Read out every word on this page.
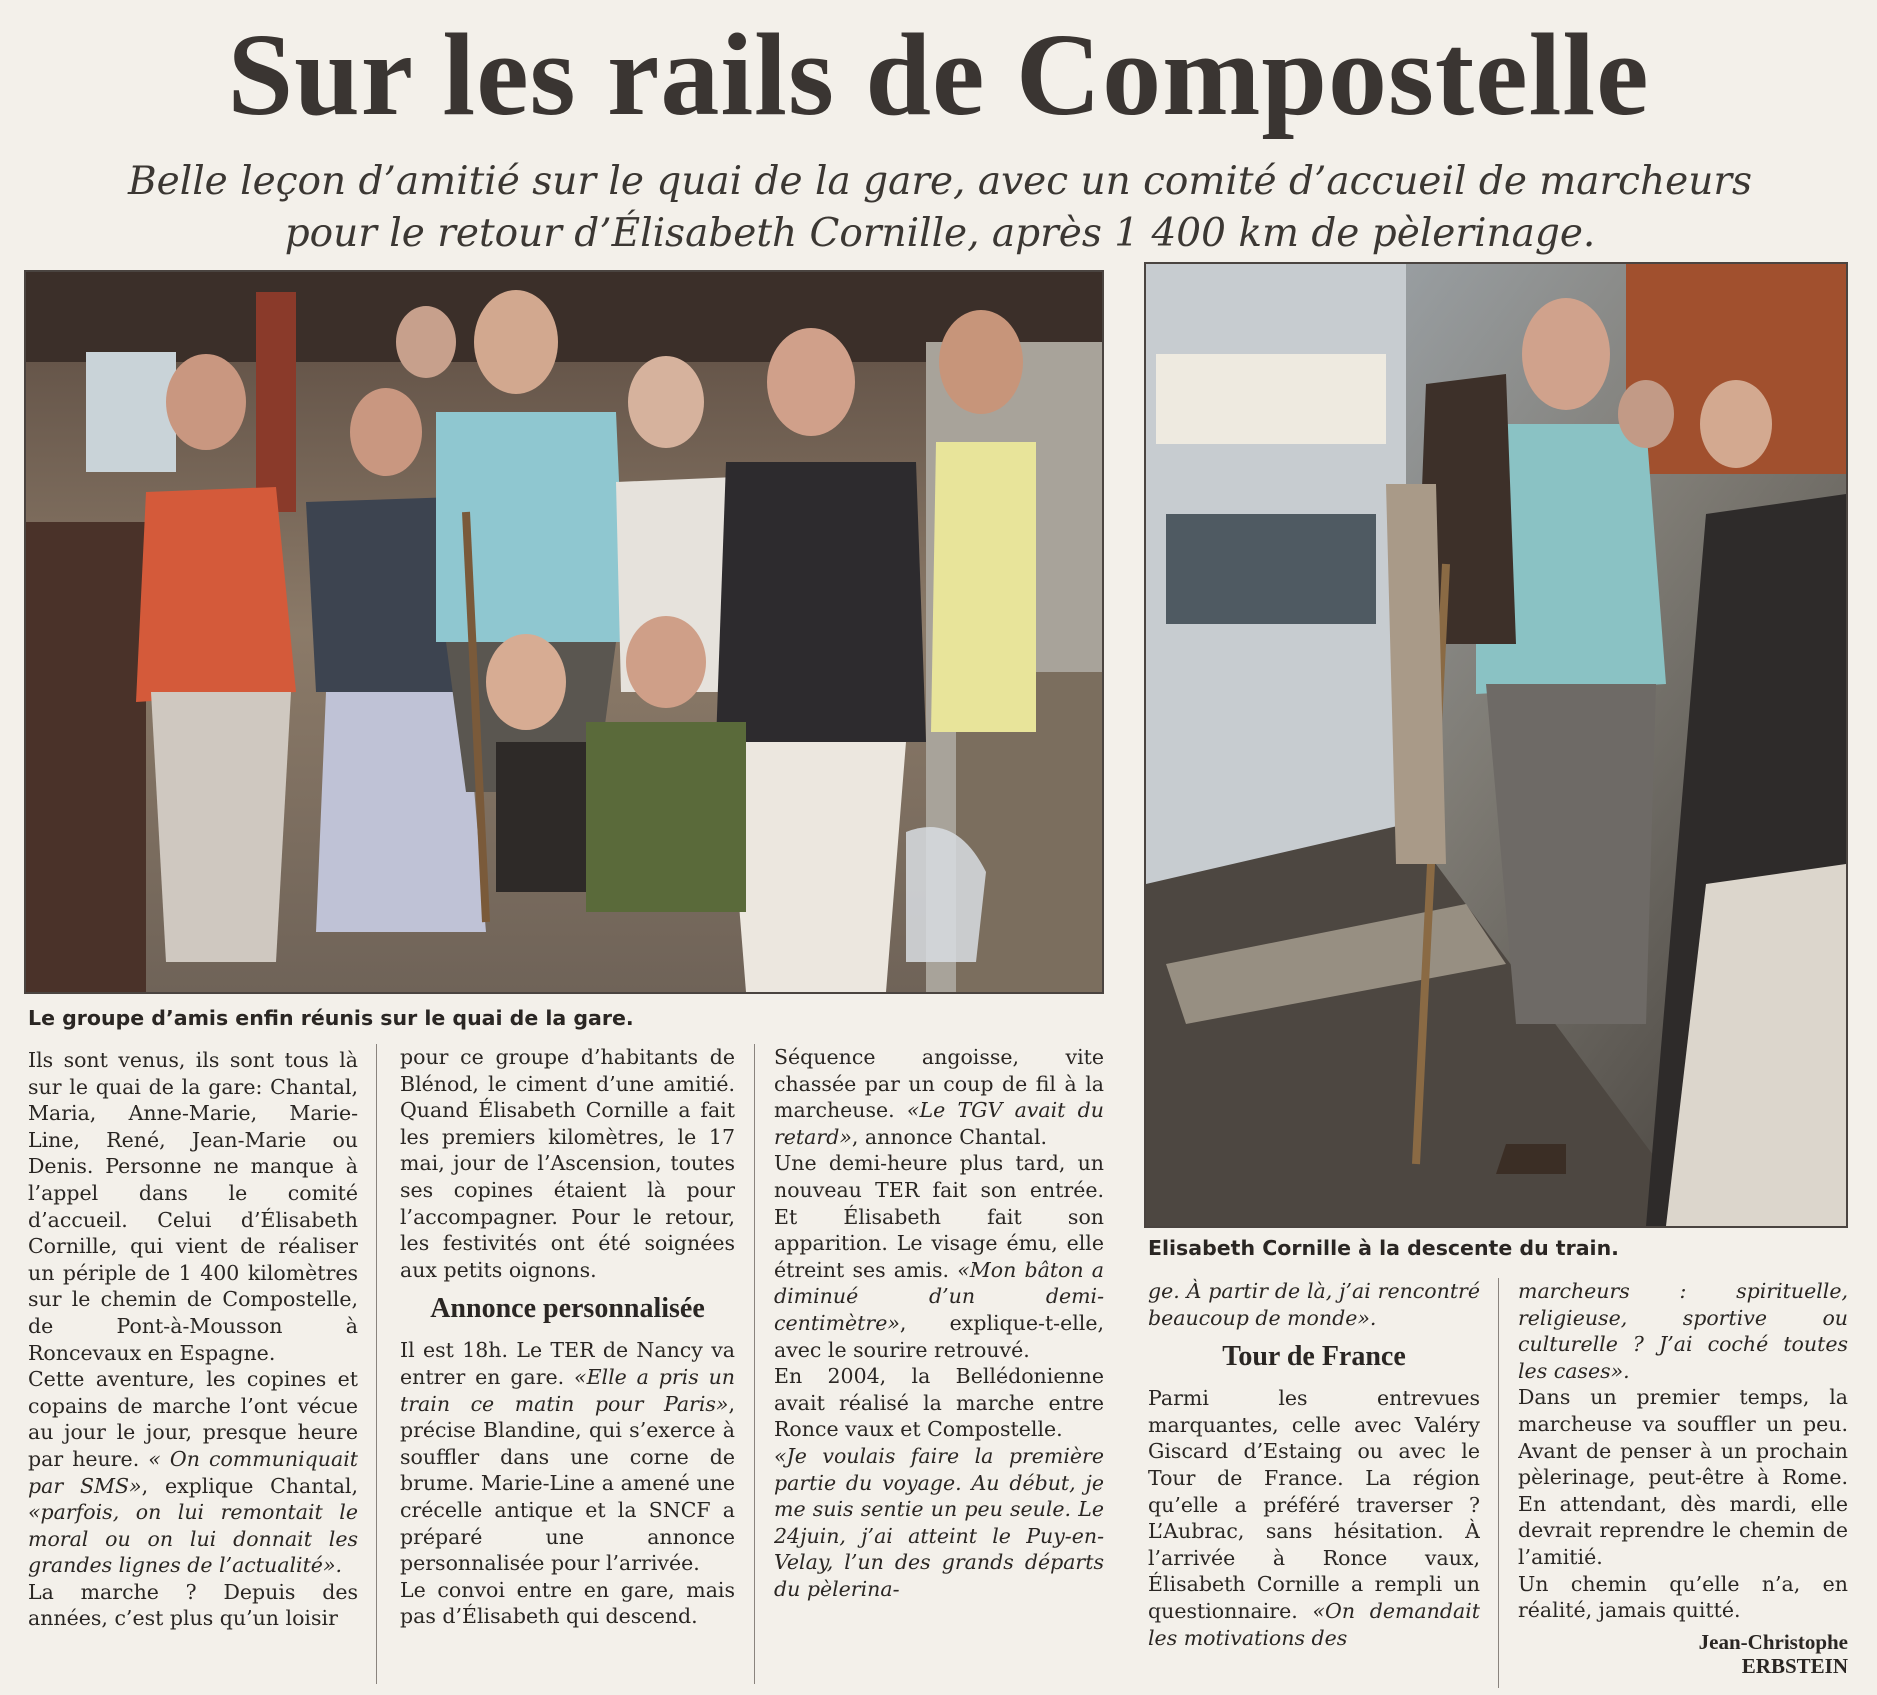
Sur les rails de Compostelle
Belle leçon d’amitié sur le quai de la gare, avec un comité d’accueil de marcheurs pour le retour d’Élisabeth Cornille, après 1 400 km de pèlerinage.
Le groupe d’amis enfin réunis sur le quai de la gare.
Elisabeth Cornille à la descente du train.

Ils sont venus, ils sont tous là sur le quai de la gare: Chantal, Maria, Anne-Marie, Marie-Line, René, Jean-Marie ou Denis. Personne ne manque à l’appel dans le comité d’accueil. Celui d’Élisabeth Cornille, qui vient de réaliser un périple de 1 400 kilomètres sur le chemin de Compostelle, de Pont-à-Mousson à Roncevaux en Espagne.

Cette aventure, les copines et copains de marche l’ont vécue au jour le jour, presque heure par heure. « On communiquait par SMS», explique Chantal, «parfois, on lui remontait le moral ou on lui donnait les grandes lignes de l’actualité».

La marche ? Depuis des années, c’est plus qu’un loisir

pour ce groupe d’habitants de Blénod, le ciment d’une amitié. Quand Élisabeth Cornille a fait les premiers kilomètres, le 17 mai, jour de l’Ascension, toutes ses copines étaient là pour l’accompagner. Pour le retour, les festivités ont été soignées aux petits oignons.

Annonce personnalisée

Il est 18h. Le TER de Nancy va entrer en gare. «Elle a pris un train ce matin pour Paris», précise Blandine, qui s’exerce à souffler dans une corne de brume. Marie-Line a amené une crécelle antique et la SNCF a préparé une annonce personnalisée pour l’arrivée.

Le convoi entre en gare, mais pas d’Élisabeth qui descend.

Séquence angoisse, vite chassée par un coup de fil à la marcheuse. «Le TGV avait du retard», annonce Chantal.

Une demi-heure plus tard, un nouveau TER fait son entrée. Et Élisabeth fait son apparition. Le visage ému, elle étreint ses amis. «Mon bâton a diminué d’un demi-centimètre», explique-t-elle, avec le sourire retrouvé.

En 2004, la Bellédonienne avait réalisé la marche entre Ronce vaux et Compostelle.

«Je voulais faire la première partie du voyage. Au début, je me suis sentie un peu seule. Le 24juin, j’ai atteint le Puy-en-Velay, l’un des grands départs du pèlerina-

ge. À partir de là, j’ai rencontré beaucoup de monde».

Tour de France

Parmi les entrevues marquantes, celle avec Valéry Giscard d’Estaing ou avec le Tour de France. La région qu’elle a préféré traverser ? L’Aubrac, sans hésitation. À l’arrivée à Ronce vaux, Élisabeth Cornille a rempli un questionnaire. «On demandait les motivations des

marcheurs : spirituelle, religieuse, sportive ou culturelle ? J’ai coché toutes les cases».

Dans un premier temps, la marcheuse va souffler un peu. Avant de penser à un prochain pèlerinage, peut-être à Rome. En attendant, dès mardi, elle devrait reprendre le chemin de l’amitié.

Un chemin qu’elle n’a, en réalité, jamais quitté.

Jean-Christophe
ERBSTEIN
